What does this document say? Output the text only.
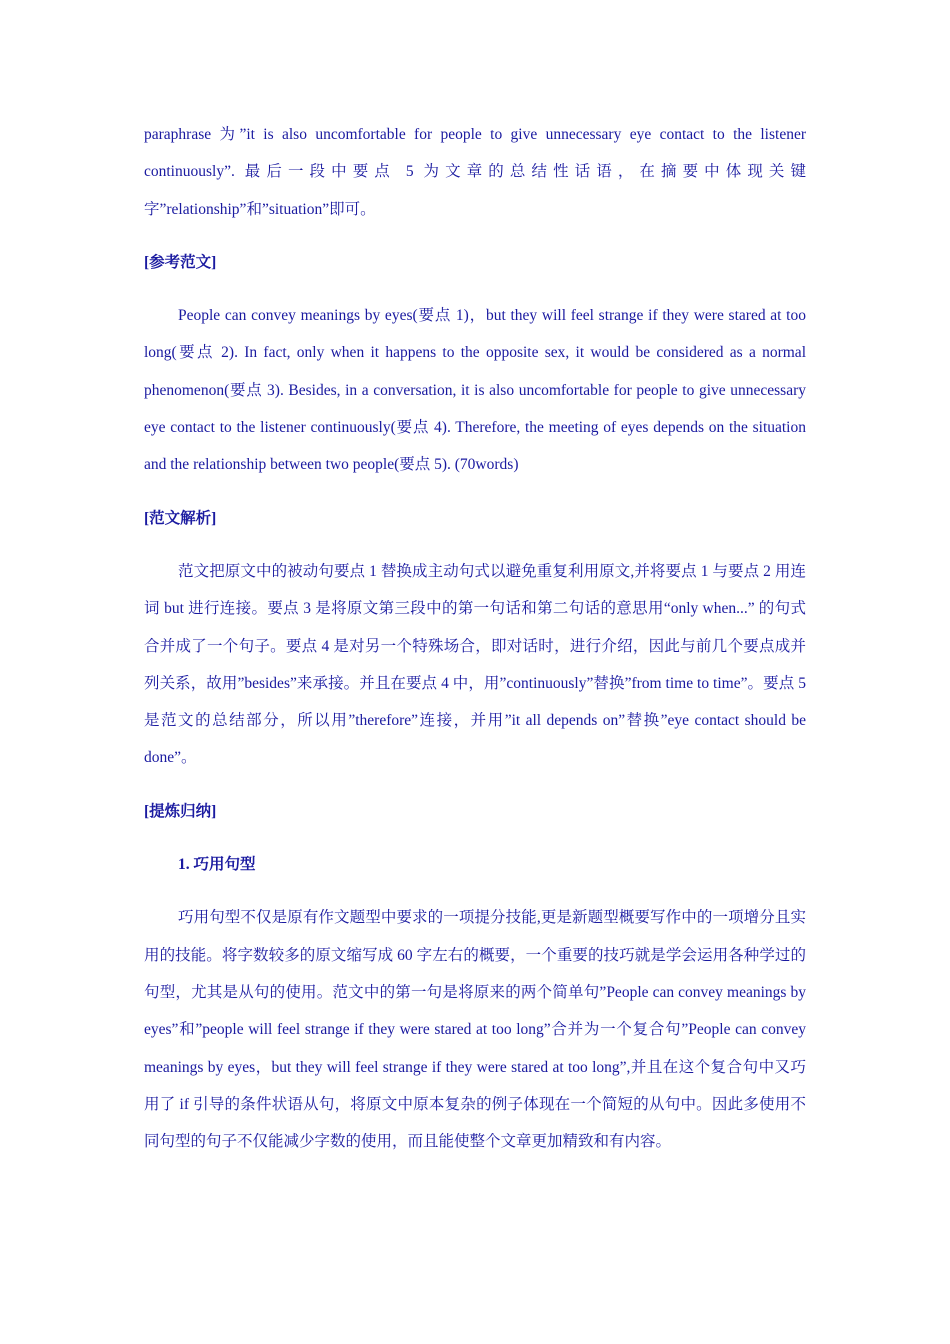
paraphrase 为”it is also uncomfortable for people to give unnecessary eye contact to the listener continuously”. 最后一段中要点 5 为文章的总结性话语，在摘要中体现关键字”relationship”和”situation”即可。

[参考范文]

People can convey meanings by eyes(要点 1)，but they will feel strange if they were stared at too long(要点 2). In fact, only when it happens to the opposite sex, it would be considered as a normal phenomenon(要点 3). Besides, in a conversation, it is also uncomfortable for people to give unnecessary eye contact to the listener continuously(要点 4). Therefore, the meeting of eyes depends on the situation and the relationship between two people(要点 5). (70words)

[范文解析]

范文把原文中的被动句要点 1 替换成主动句式以避免重复利用原文,并将要点 1 与要点 2 用连词 but 进行连接。要点 3 是将原文第三段中的第一句话和第二句话的意思用“only when...” 的句式合并成了一个句子。要点 4 是对另一个特殊场合，即对话时，进行介绍，因此与前几个要点成并列关系，故用”besides”来承接。并且在要点 4 中，用”continuously”替换”from time to time”。要点 5 是范文的总结部分，所以用”therefore”连接，并用”it all depends on”替换”eye contact should be done”。

[提炼归纳]

1. 巧用句型

巧用句型不仅是原有作文题型中要求的一项提分技能,更是新题型概要写作中的一项增分且实用的技能。将字数较多的原文缩写成 60 字左右的概要，一个重要的技巧就是学会运用各种学过的句型，尤其是从句的使用。范文中的第一句是将原来的两个简单句”People can convey meanings by eyes”和”people will feel strange if they were stared at too long”合并为一个复合句”People can convey meanings by eyes，but they will feel strange if they were stared at too long”,并且在这个复合句中又巧用了 if 引导的条件状语从句，将原文中原本复杂的例子体现在一个简短的从句中。因此多使用不同句型的句子不仅能减少字数的使用，而且能使整个文章更加精致和有内容。
